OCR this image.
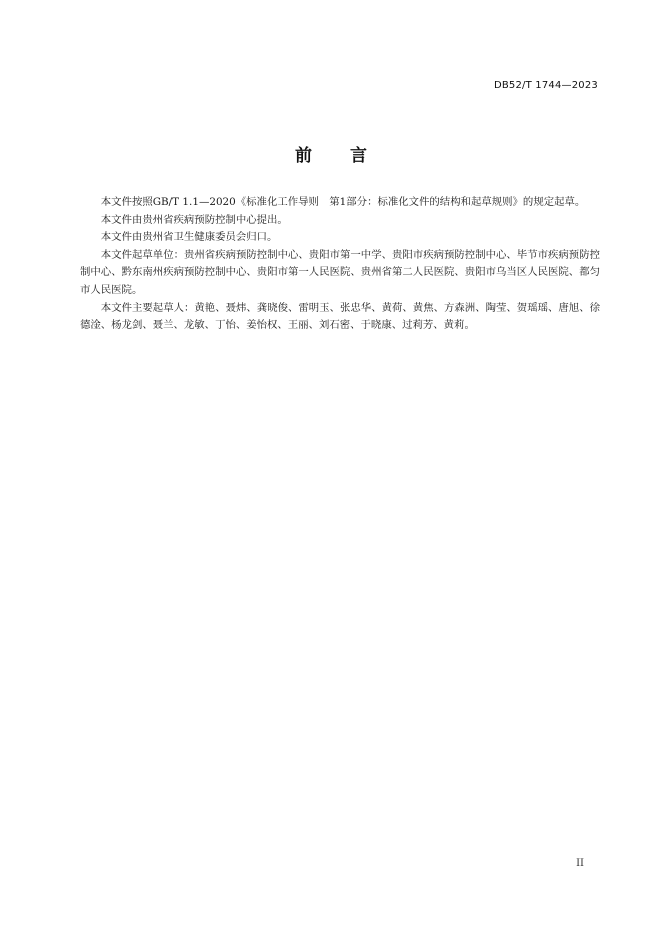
DB52/T 1744—2023
前言

本文件按照GB/T 1.1—2020《标准化工作导则　第1部分：标准化文件的结构和起草规则》的规定起草。

本文件由贵州省疾病预防控制中心提出。

本文件由贵州省卫生健康委员会归口。

本文件起草单位：贵州省疾病预防控制中心、贵阳市第一中学、贵阳市疾病预防控制中心、毕节市疾病预防控制中心、黔东南州疾病预防控制中心、贵阳市第一人民医院、贵州省第二人民医院、贵阳市乌当区人民医院、都匀市人民医院。

本文件主要起草人：黄艳、聂炜、龚晓俊、雷明玉、张忠华、黄荷、黄焦、方森洲、陶莹、贺瑶瑶、唐旭、徐德淦、杨龙剑、聂兰、龙敏、丁怡、姜怡权、王丽、刘石密、于晓康、过莉芳、黄莉。

II
